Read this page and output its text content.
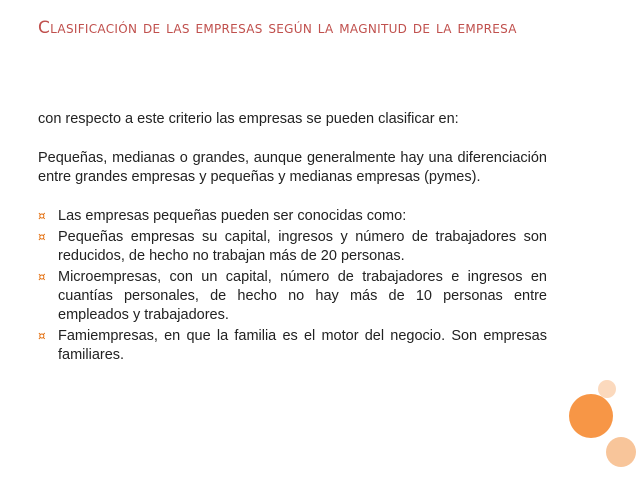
Clasificación de las empresas según la magnitud de la empresa

con respecto a este criterio las empresas se pueden clasificar en:

Pequeñas, medianas o grandes, aunque generalmente hay una diferenciación entre grandes empresas y pequeñas y medianas empresas (pymes).

¤ Las empresas pequeñas pueden ser conocidas como:
¤ Pequeñas empresas su capital, ingresos y número de trabajadores son reducidos, de hecho no trabajan más de 20 personas.
¤ Microempresas, con un capital, número de trabajadores e ingresos en cuantías personales, de hecho no hay más de 10 personas entre empleados y trabajadores.
¤ Famiempresas, en que la familia es el motor del negocio. Son empresas familiares.
